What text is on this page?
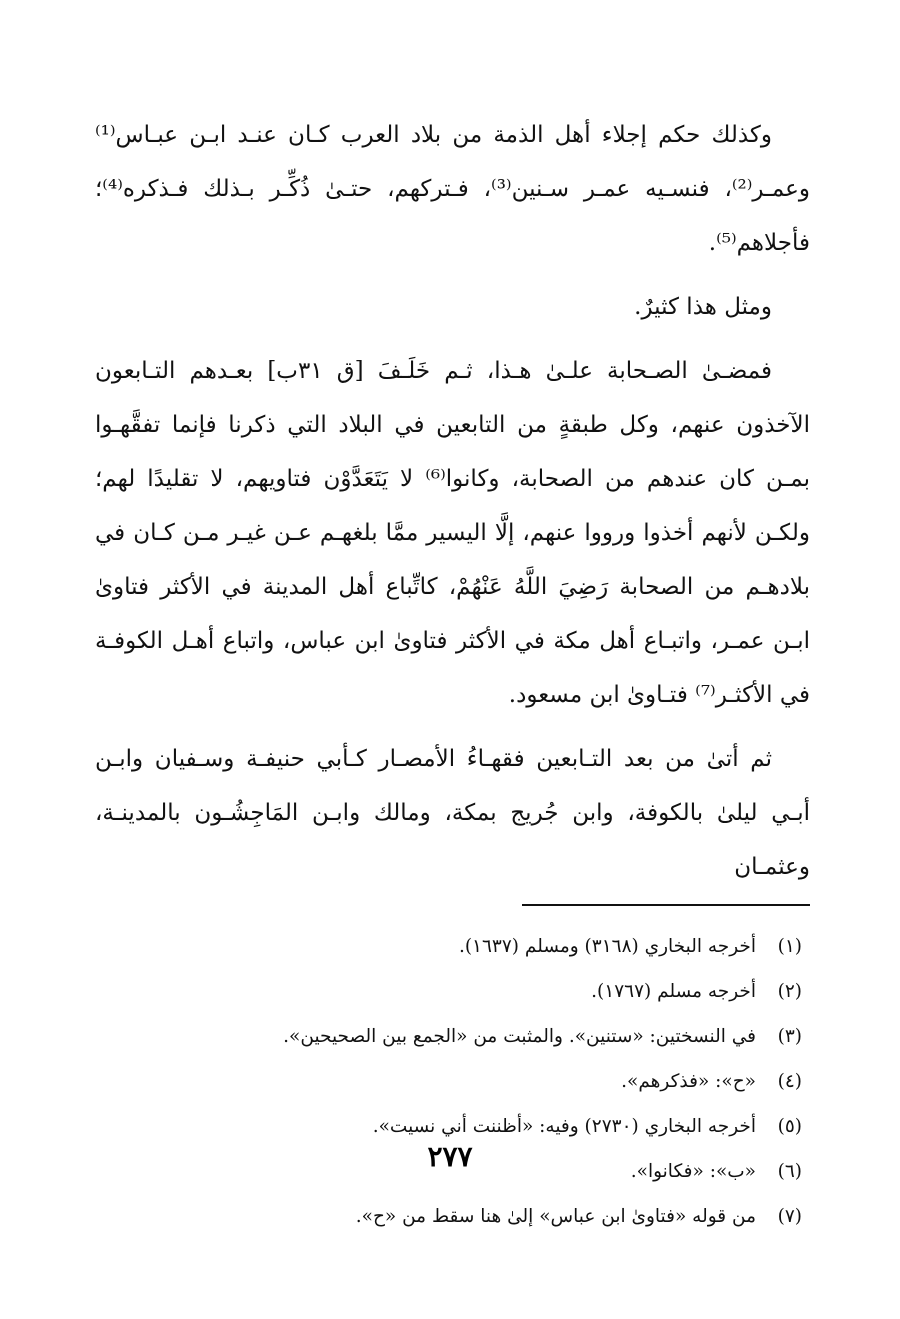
وكذلك حكم إجلاء أهل الذمة من بلاد العرب كـان عنـد ابـن عبـاس⁽¹⁾ وعمـر⁽²⁾، فنسـيه عمـر سـنين⁽³⁾، فـتركهم، حتـىٰ ذُكِّـر بـذلك فـذكره⁽⁴⁾؛ فأجلاهم⁽⁵⁾.

ومثل هذا كثيرٌ.

فمضـىٰ الصـحابة علـىٰ هـذا، ثـم خَلَـفَ [ق ٣١ب] بعـدهم التـابعون الآخذون عنهم، وكل طبقةٍ من التابعين في البلاد التي ذكرنا فإنما تفقَّهـوا بمـن كان عندهم من الصحابة، وكانوا⁽⁶⁾ لا يَتَعَدَّوْن فتاويهم، لا تقليدًا لهم؛ ولكـن لأنهم أخذوا ورووا عنهم، إلَّا اليسير ممَّا بلغهـم عـن غيـر مـن كـان في بلادهـم من الصحابة رَضِيَ اللَّهُ عَنْهُمْ، كاتِّباع أهل المدينة في الأكثر فتاوىٰ ابـن عمـر، واتبـاع أهل مكة في الأكثر فتاوىٰ ابن عباس، واتباع أهـل الكوفـة في الأكثـر⁽⁷⁾ فتـاوىٰ ابن مسعود.

ثم أتىٰ من بعد التـابعين فقهـاءُ الأمصـار كـأبي حنيفـة وسـفيان وابـن أبـي ليلىٰ بالكوفة، وابن جُريج بمكة، ومالك وابـن المَاجِشُـون بالمدينـة، وعثمـان

(١)
أخرجه البخاري (٣١٦٨) ومسلم (١٦٣٧).
(٢)
أخرجه مسلم (١٧٦٧).
(٣)
في النسختين: «ستنين». والمثبت من «الجمع بين الصحيحين».
(٤)
«ح»: «فذكرهم».
(٥)
أخرجه البخاري (٢٧٣٠) وفيه: «أظننت أني نسيت».
(٦)
«ب»: «فكانوا».
(٧)
من قوله «فتاوىٰ ابن عباس» إلىٰ هنا سقط من «ح».
٢٧٧
